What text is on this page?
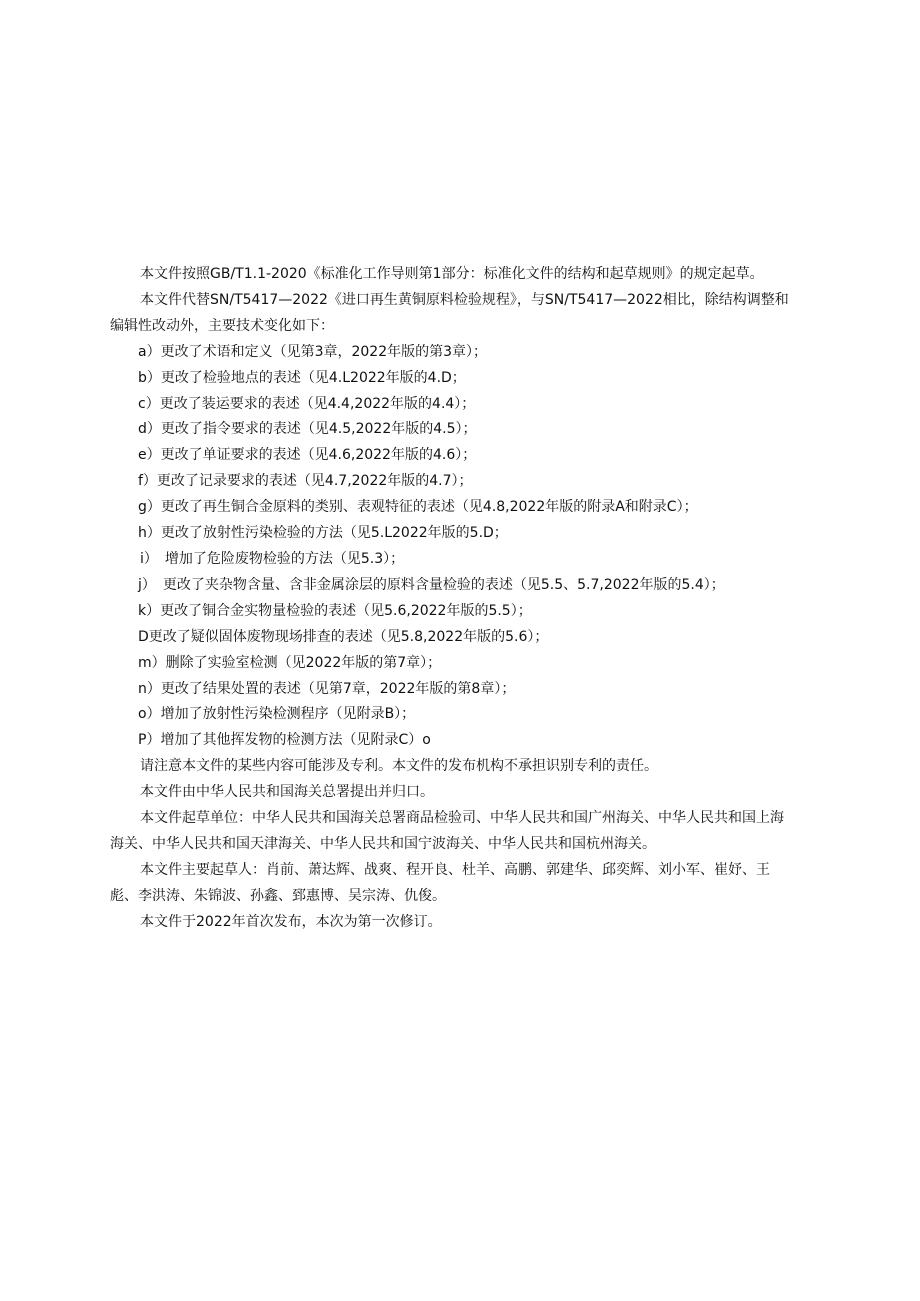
本文件按照GB/T1.1-2020《标准化工作导则第1部分：标准化文件的结构和起草规则》的规定起草。
本文件代替SN/T5417—2022《进口再生黄铜原料检验规程》，与SN/T5417—2022相比，除结构调整和
编辑性改动外，主要技术变化如下：
a）更改了术语和定义（见第3章，2022年版的第3章）；
b）更改了检验地点的表述（见4.L2022年版的4.D；
c）更改了装运要求的表述（见4.4,2022年版的4.4）；
d）更改了指令要求的表述（见4.5,2022年版的4.5）；
e）更改了单证要求的表述（见4.6,2022年版的4.6）；
f）更改了记录要求的表述（见4.7,2022年版的4.7）；
g）更改了再生铜合金原料的类别、表观特征的表述（见4.8,2022年版的附录A和附录C）；
h）更改了放射性污染检验的方法（见5.L2022年版的5.D；
i）　增加了危险废物检验的方法（见5.3）；
j）　更改了夹杂物含量、含非金属涂层的原料含量检验的表述（见5.5、5.7,2022年版的5.4）；
k）更改了铜合金实物量检验的表述（见5.6,2022年版的5.5）；
D更改了疑似固体废物现场排查的表述（见5.8,2022年版的5.6）；
m）删除了实验室检测（见2022年版的第7章）；
n）更改了结果处置的表述（见第7章，2022年版的第8章）；
o）增加了放射性污染检测程序（见附录B）；
P）增加了其他挥发物的检测方法（见附录C）o
请注意本文件的某些内容可能涉及专利。本文件的发布机构不承担识别专利的责任。
本文件由中华人民共和国海关总署提出并归口。
本文件起草单位：中华人民共和国海关总署商品检验司、中华人民共和国广州海关、中华人民共和国上海
海关、中华人民共和国天津海关、中华人民共和国宁波海关、中华人民共和国杭州海关。
本文件主要起草人：肖前、萧达辉、战爽、程开良、杜羊、高鹏、郭建华、邱奕辉、刘小军、崔妤、王
彪、李洪涛、朱锦波、孙鑫、郅惠博、吴宗涛、仇俊。
本文件于2022年首次发布，本次为第一次修订。
